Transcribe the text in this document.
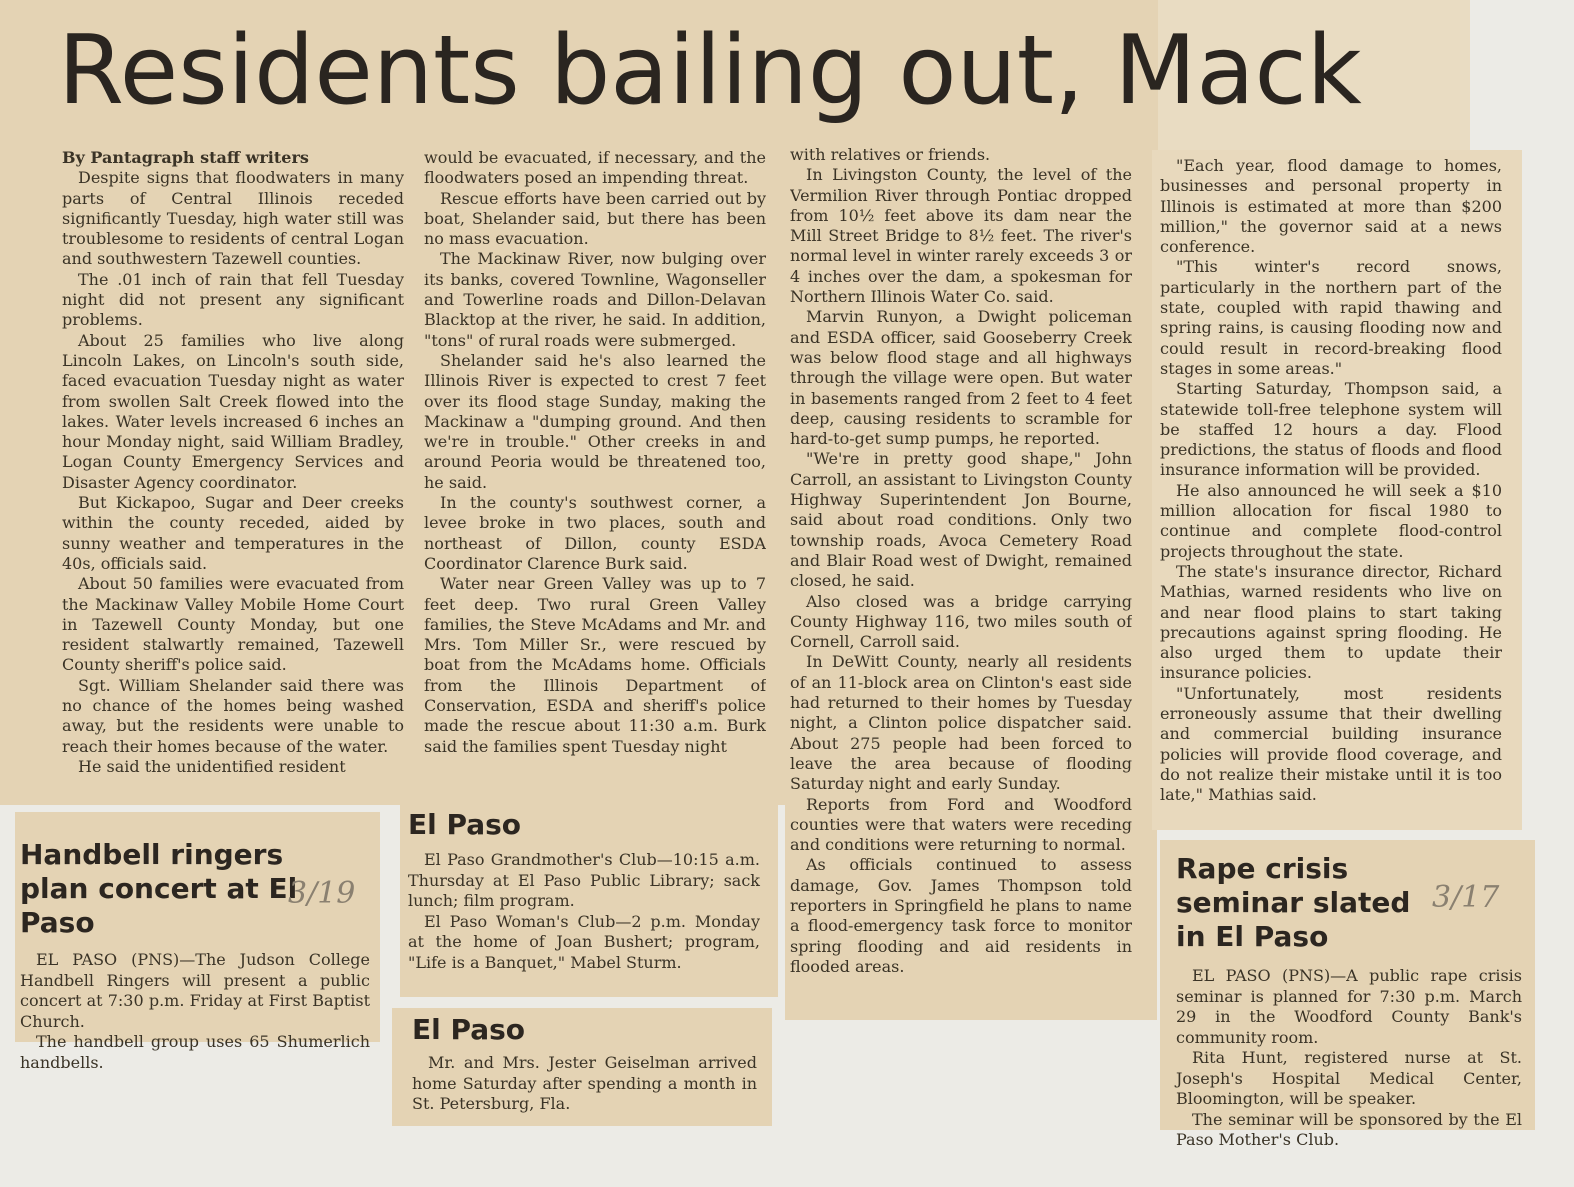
Residents bailing out, Mack

By Pantagraph staff writers

Despite signs that floodwaters in many parts of Central Illinois receded significantly Tuesday, high water still was troublesome to residents of central Logan and southwestern Tazewell counties.

The .01 inch of rain that fell Tuesday night did not present any significant problems.

About 25 families who live along Lincoln Lakes, on Lincoln's south side, faced evacuation Tuesday night as water from swollen Salt Creek flowed into the lakes. Water levels increased 6 inches an hour Monday night, said William Bradley, Logan County Emergency Services and Disaster Agency coordinator.

But Kickapoo, Sugar and Deer creeks within the county receded, aided by sunny weather and temperatures in the 40s, officials said.

About 50 families were evacuated from the Mackinaw Valley Mobile Home Court in Tazewell County Monday, but one resident stalwartly remained, Tazewell County sheriff's police said.

Sgt. William Shelander said there was no chance of the homes being washed away, but the residents were unable to reach their homes because of the water.

He said the unidentified resident

would be evacuated, if necessary, and the floodwaters posed an impending threat.

Rescue efforts have been carried out by boat, Shelander said, but there has been no mass evacuation.

The Mackinaw River, now bulging over its banks, covered Townline, Wagonseller and Towerline roads and Dillon-Delavan Blacktop at the river, he said. In addition, "tons" of rural roads were submerged.

Shelander said he's also learned the Illinois River is expected to crest 7 feet over its flood stage Sunday, making the Mackinaw a "dumping ground. And then we're in trouble." Other creeks in and around Peoria would be threatened too, he said.

In the county's southwest corner, a levee broke in two places, south and northeast of Dillon, county ESDA Coordinator Clarence Burk said.

Water near Green Valley was up to 7 feet deep. Two rural Green Valley families, the Steve McAdams and Mr. and Mrs. Tom Miller Sr., were rescued by boat from the McAdams home. Officials from the Illinois Department of Conservation, ESDA and sheriff's police made the rescue about 11:30 a.m. Burk said the families spent Tuesday night

with relatives or friends.

In Livingston County, the level of the Vermilion River through Pontiac dropped from 10½ feet above its dam near the Mill Street Bridge to 8½ feet. The river's normal level in winter rarely exceeds 3 or 4 inches over the dam, a spokesman for Northern Illinois Water Co. said.

Marvin Runyon, a Dwight policeman and ESDA officer, said Gooseberry Creek was below flood stage and all highways through the village were open. But water in basements ranged from 2 feet to 4 feet deep, causing residents to scramble for hard-to-get sump pumps, he reported.

"We're in pretty good shape," John Carroll, an assistant to Livingston County Highway Superintendent Jon Bourne, said about road conditions. Only two township roads, Avoca Cemetery Road and Blair Road west of Dwight, remained closed, he said.

Also closed was a bridge carrying County Highway 116, two miles south of Cornell, Carroll said.

In DeWitt County, nearly all residents of an 11-block area on Clinton's east side had returned to their homes by Tuesday night, a Clinton police dispatcher said. About 275 people had been forced to leave the area because of flooding Saturday night and early Sunday.

Reports from Ford and Woodford counties were that waters were receding and conditions were returning to normal.

As officials continued to assess damage, Gov. James Thompson told reporters in Springfield he plans to name a flood-emergency task force to monitor spring flooding and aid residents in flooded areas.

"Each year, flood damage to homes, businesses and personal property in Illinois is estimated at more than $200 million," the governor said at a news conference.

"This winter's record snows, particularly in the northern part of the state, coupled with rapid thawing and spring rains, is causing flooding now and could result in record-breaking flood stages in some areas."

Starting Saturday, Thompson said, a statewide toll-free telephone system will be staffed 12 hours a day. Flood predictions, the status of floods and flood insurance information will be provided.

He also announced he will seek a $10 million allocation for fiscal 1980 to continue and complete flood-control projects throughout the state.

The state's insurance director, Richard Mathias, warned residents who live on and near flood plains to start taking precautions against spring flooding. He also urged them to update their insurance policies.

"Unfortunately, most residents erroneously assume that their dwelling and commercial building insurance policies will provide flood coverage, and do not realize their mistake until it is too late," Mathias said.

Handbell ringers plan concert at El Paso

EL PASO (PNS)—The Judson College Handbell Ringers will present a public concert at 7:30 p.m. Friday at First Baptist Church.

The handbell group uses 65 Shumerlich handbells.

3/19
El Paso

El Paso Grandmother's Club—10:15 a.m. Thursday at El Paso Public Library; sack lunch; film program.

El Paso Woman's Club—2 p.m. Monday at the home of Joan Bushert; program, "Life is a Banquet," Mabel Sturm.

El Paso

Mr. and Mrs. Jester Geiselman arrived home Saturday after spending a month in St. Petersburg, Fla.

Rape crisis seminar slated in El Paso

EL PASO (PNS)—A public rape crisis seminar is planned for 7:30 p.m. March 29 in the Woodford County Bank's community room.

Rita Hunt, registered nurse at St. Joseph's Hospital Medical Center, Bloomington, will be speaker.

The seminar will be sponsored by the El Paso Mother's Club.

3/17
